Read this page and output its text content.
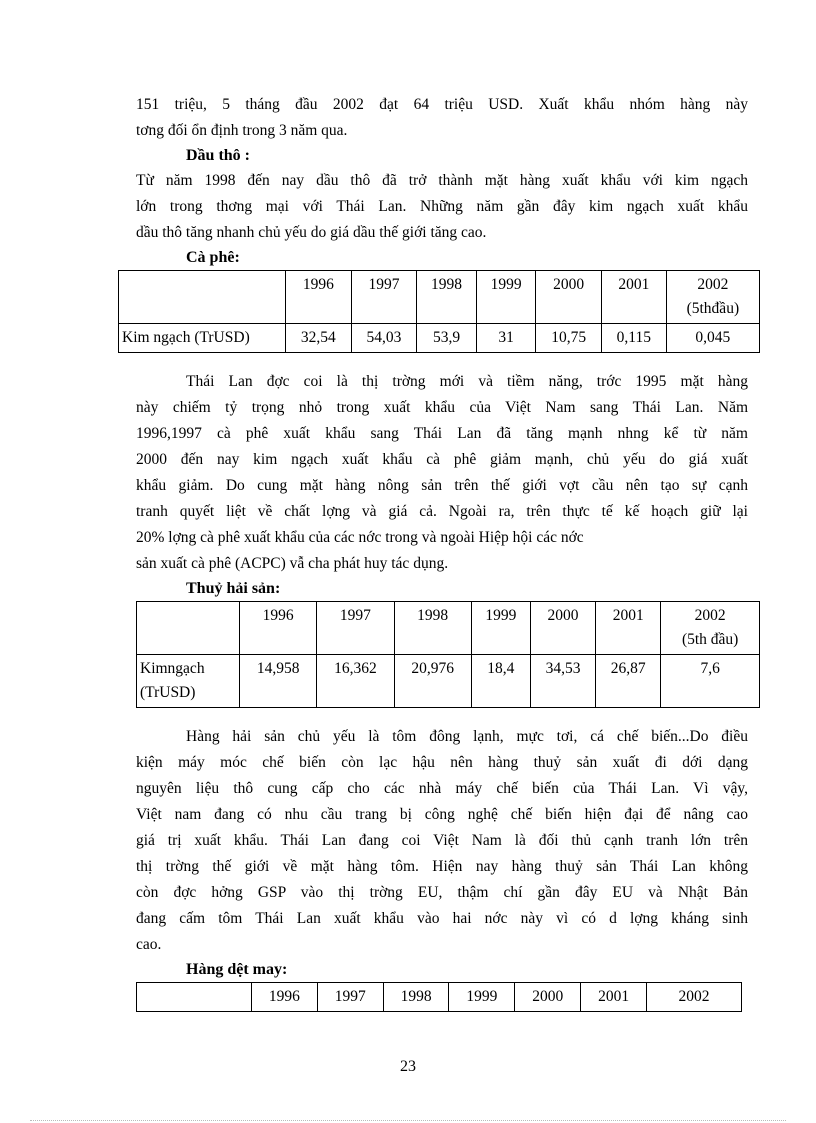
151 triệu, 5 tháng đầu 2002 đạt 64 triệu USD. Xuất khẩu nhóm hàng này

tơng đối ổn định trong 3 năm qua.

Dầu thô :

Từ năm 1998 đến nay dầu thô đã trở thành mặt hàng xuất khẩu với kim ngạch

lớn trong thơng mại với Thái Lan. Những năm gần đây kim ngạch xuất khẩu

dầu thô tăng nhanh chủ yếu do giá dầu thế giới tăng cao.

Cà phê:
	1996	1997	1998	1999	2000	2001	2002
(5thđầu)

Kim ngạch (TrUSD)	32,54	54,03	53,9	31	10,75	0,115	0,045

Thái Lan đợc coi là thị trờng mới và tiềm năng, trớc 1995 mặt hàng

này chiếm tỷ trọng nhỏ trong xuất khẩu của Việt Nam sang Thái Lan. Năm

1996,1997 cà phê xuất khẩu sang Thái Lan đã tăng mạnh nhng kể từ năm

2000 đến nay kim ngạch xuất khẩu cà phê giảm mạnh, chủ yếu do giá xuất

khẩu giảm. Do cung mặt hàng nông sản trên thế giới vợt cầu nên tạo sự cạnh

tranh quyết liệt về chất lợng và giá cả. Ngoài ra, trên thực tế kế hoạch giữ lại

20% lợng cà phê xuất khẩu của các nớc trong và ngoài Hiệp hội các nớc

sản xuất cà phê (ACPC) vẫ cha phát huy tác dụng.

Thuỷ hải sản:
	1996	1997	1998	1999	2000	2001	2002
(5th đầu)

Kimngạch
(TrUSD)	14,958	16,362	20,976	18,4	34,53	26,87	7,6

Hàng hải sản chủ yếu là tôm đông lạnh, mực tơi, cá chế biến...Do điều

kiện máy móc chế biến còn lạc hậu nên hàng thuỷ sản xuất đi dới dạng

nguyên liệu thô cung cấp cho các nhà máy chế biến của Thái Lan. Vì vậy,

Việt nam đang có nhu cầu trang bị công nghệ chế biến hiện đại để nâng cao

giá trị xuất khẩu. Thái Lan đang coi Việt Nam là đối thủ cạnh tranh lớn trên

thị trờng thế giới về mặt hàng tôm. Hiện nay hàng thuỷ sản Thái Lan không

còn đợc hởng GSP vào thị trờng EU, thậm chí gần đây EU và Nhật Bản

đang cấm tôm Thái Lan xuất khẩu vào hai nớc này vì có d lợng kháng sinh

cao.

Hàng dệt may:
	1996	1997	1998	1999	2000	2001	2002
23
